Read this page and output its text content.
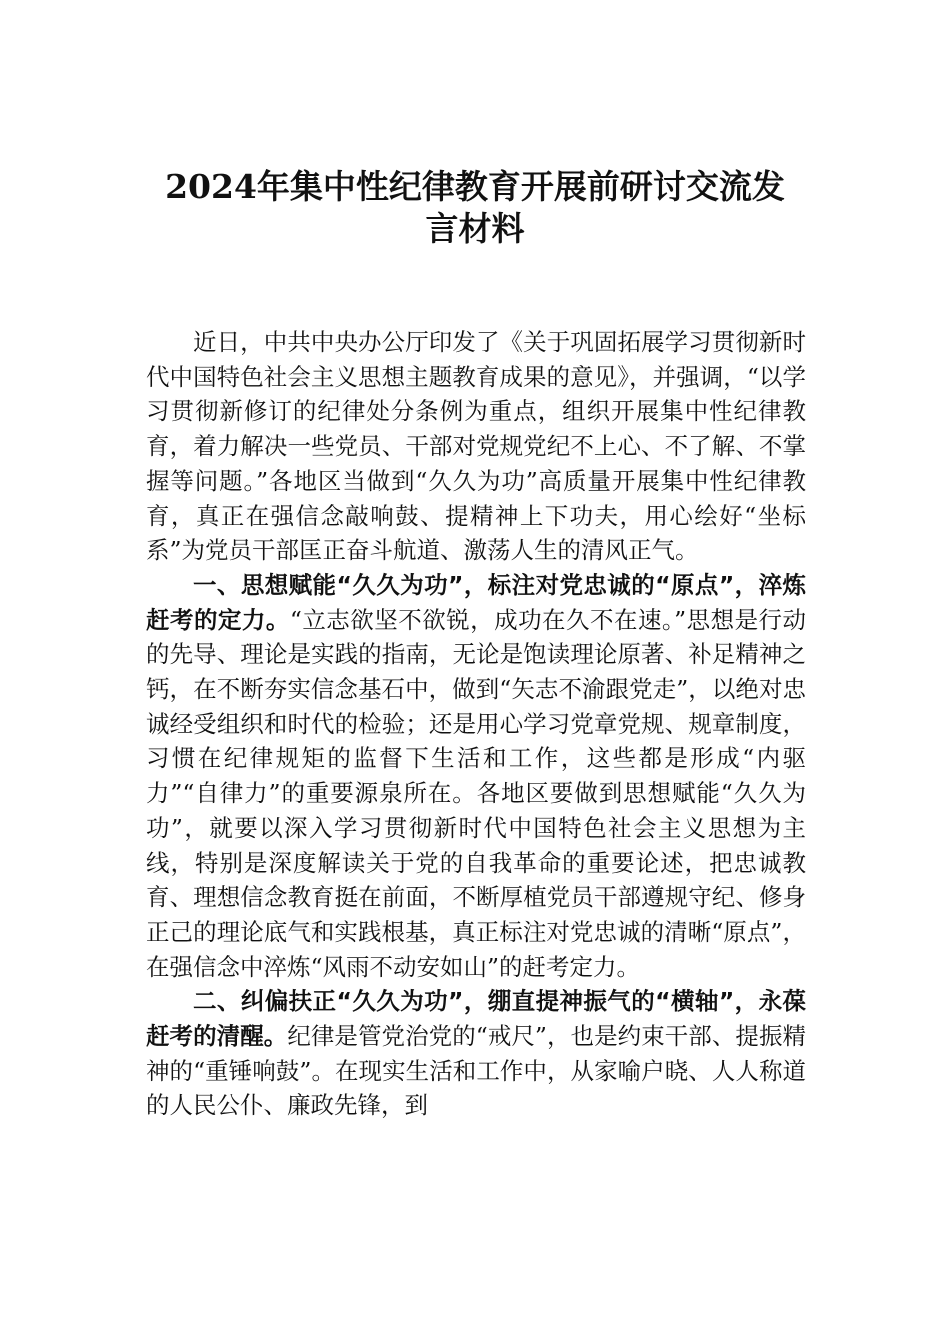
2024年集中性纪律教育开展前研讨交流发
言材料

近日，中共中央办公厅印发了《关于巩固拓展学习贯彻新时代中国特色社会主义思想主题教育成果的意见》，并强调，“以学习贯彻新修订的纪律处分条例为重点，组织开展集中性纪律教育，着力解决一些党员、干部对党规党纪不上心、不了解、不掌握等问题。”各地区当做到“久久为功”高质量开展集中性纪律教育，真正在强信念敲响鼓、提精神上下功夫，用心绘好“坐标系”为党员干部匡正奋斗航道、激荡人生的清风正气。

一、思想赋能“久久为功”，标注对党忠诚的“原点”，淬炼赶考的定力。“立志欲坚不欲锐，成功在久不在速。”思想是行动的先导、理论是实践的指南，无论是饱读理论原著、补足精神之钙，在不断夯实信念基石中，做到“矢志不渝跟党走”，以绝对忠诚经受组织和时代的检验；还是用心学习党章党规、规章制度，习惯在纪律规矩的监督下生活和工作，这些都是形成“内驱力”“自律力”的重要源泉所在。各地区要做到思想赋能“久久为功”，就要以深入学习贯彻新时代中国特色社会主义思想为主线，特别是深度解读关于党的自我革命的重要论述，把忠诚教育、理想信念教育挺在前面，不断厚植党员干部遵规守纪、修身正己的理论底气和实践根基，真正标注对党忠诚的清晰“原点”，在强信念中淬炼“风雨不动安如山”的赶考定力。

二、纠偏扶正“久久为功”，绷直提神振气的“横轴”，永葆赶考的清醒。纪律是管党治党的“戒尺”，也是约束干部、提振精神的“重锤响鼓”。在现实生活和工作中，从家喻户晓、人人称道的人民公仆、廉政先锋，到
